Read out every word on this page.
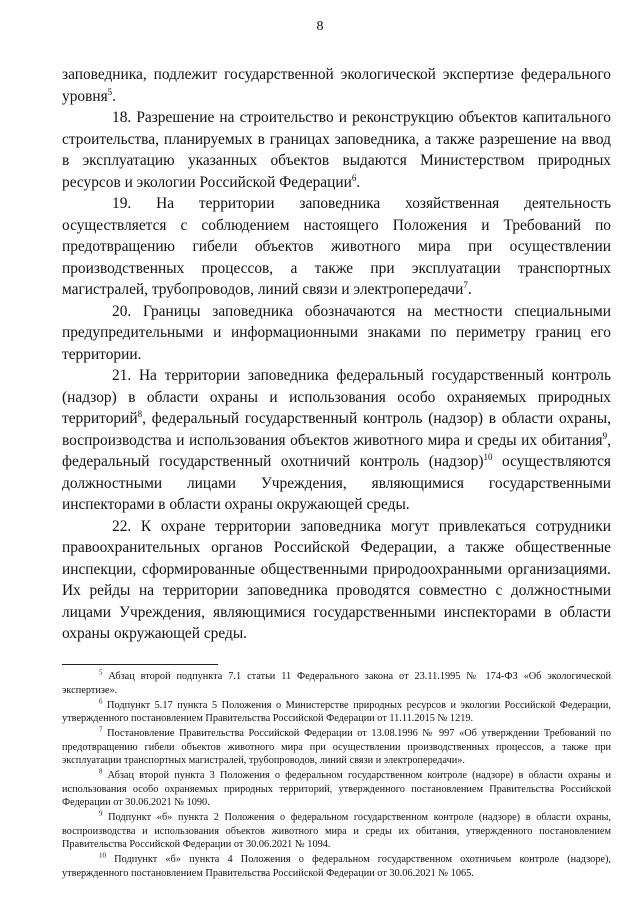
8

заповедника, подлежит государственной экологической экспертизе федерального уровня$^5$.

18. Разрешение на строительство и реконструкцию объектов капитального строительства, планируемых в границах заповедника, а также разрешение на ввод в эксплуатацию указанных объектов выдаются Министерством природных ресурсов и экологии Российской Федерации$^6$.

19. На территории заповедника хозяйственная деятельность осуществляется с соблюдением настоящего Положения и Требований по предотвращению гибели объектов животного мира при осуществлении производственных процессов, а также при эксплуатации транспортных магистралей, трубопроводов, линий связи и электропередачи$^7$.

20. Границы заповедника обозначаются на местности специальными предупредительными и информационными знаками по периметру границ его территории.

21. На территории заповедника федеральный государственный контроль (надзор) в области охраны и использования особо охраняемых природных территорий$^8$, федеральный государственный контроль (надзор) в области охраны, воспроизводства и использования объектов животного мира и среды их обитания$^9$, федеральный государственный охотничий контроль (надзор)$^{10}$ осуществляются должностными лицами Учреждения, являющимися государственными инспекторами в области охраны окружающей среды.

22. К охране территории заповедника могут привлекаться сотрудники правоохранительных органов Российской Федерации, а также общественные инспекции, сформированные общественными природоохранными организациями. Их рейды на территории заповедника проводятся совместно с должностными лицами Учреждения, являющимися государственными инспекторами в области охраны окружающей среды.

$^5$ Абзац второй подпункта 7.1 статьи 11 Федерального закона от 23.11.1995 № 174-ФЗ «Об экологической экспертизе».

$^6$ Подпункт 5.17 пункта 5 Положения о Министерстве природных ресурсов и экологии Российской Федерации, утвержденного постановлением Правительства Российской Федерации от 11.11.2015 № 1219.

$^7$ Постановление Правительства Российской Федерации от 13.08.1996 № 997 «Об утверждении Требований по предотвращению гибели объектов животного мира при осуществлении производственных процессов, а также при эксплуатации транспортных магистралей, трубопроводов, линий связи и электропередачи».

$^8$ Абзац второй пункта 3 Положения о федеральном государственном контроле (надзоре) в области охраны и использования особо охраняемых природных территорий, утвержденного постановлением Правительства Российской Федерации от 30.06.2021 № 1090.

$^9$ Подпункт «б» пункта 2 Положения о федеральном государственном контроле (надзоре) в области охраны, воспроизводства и использования объектов животного мира и среды их обитания, утвержденного постановлением Правительства Российской Федерации от 30.06.2021 № 1094.

$^{10}$ Подпункт «б» пункта 4 Положения о федеральном государственном охотничьем контроле (надзоре), утвержденного постановлением Правительства Российской Федерации от 30.06.2021 № 1065.
